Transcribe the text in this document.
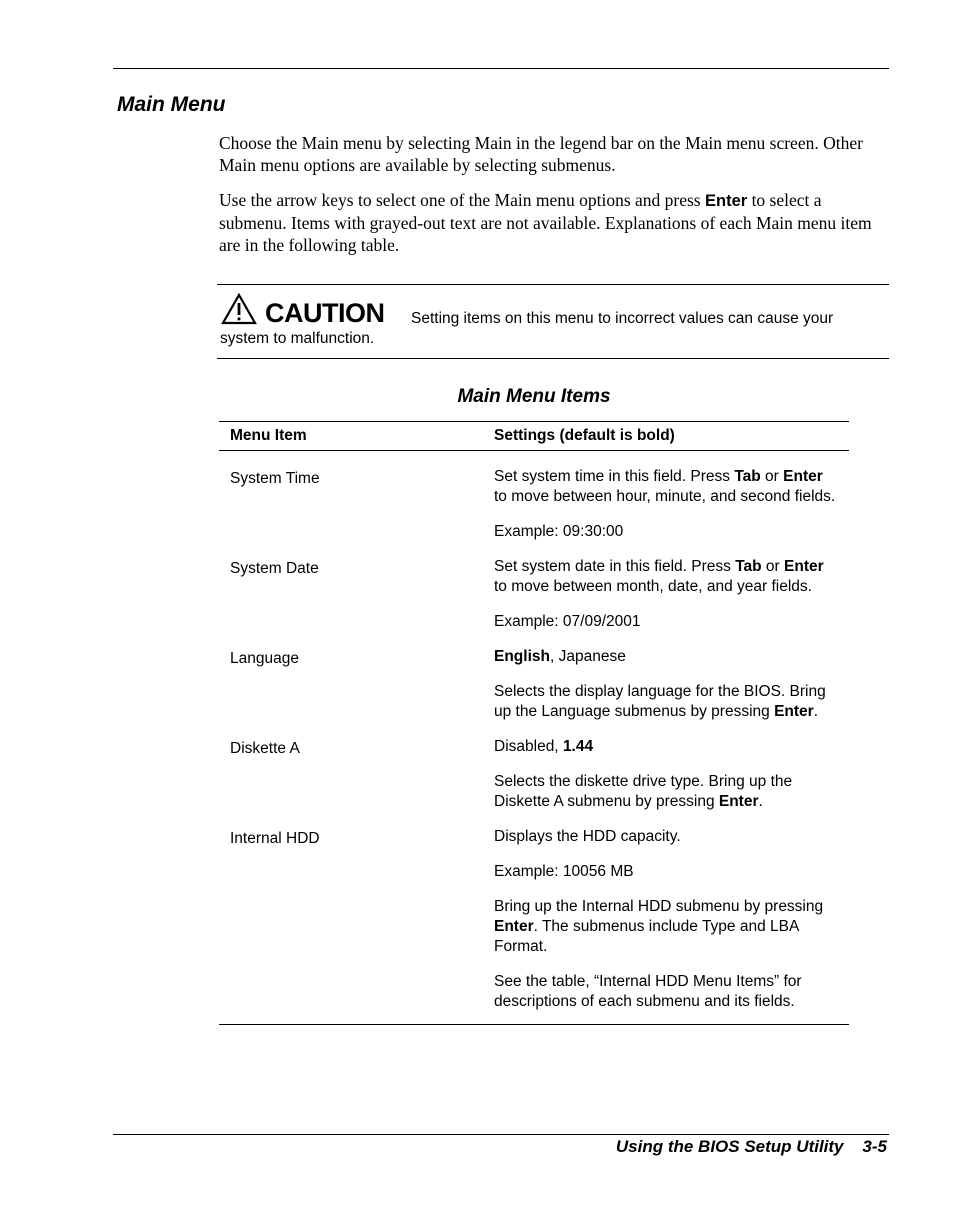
Main Menu

Choose the Main menu by selecting Main in the legend bar on the Main menu screen. Other Main menu options are available by selecting submenus.

Use the arrow keys to select one of the Main menu options and press Enter to select a submenu. Items with grayed-out text are not available. Explanations of each Main menu item are in the following table.

CAUTION	Setting items on this menu to incorrect values can cause your system to malfunction.

Main Menu Items
Menu Item	Settings (default is bold)
System Time	Set system time in this field. Press Tab or Enter to move between hour, minute, and second fields.

Example: 09:30:00

System Date	Set system date in this field. Press Tab or Enter to move between month, date, and year fields.

Example: 07/09/2001

Language	English, Japanese

Selects the display language for the BIOS. Bring up the Language submenus by pressing Enter.

Diskette A	Disabled, 1.44

Selects the diskette drive type. Bring up the Diskette A submenu by pressing Enter.

Internal HDD	Displays the HDD capacity.

Example: 10056 MB

Bring up the Internal HDD submenu by pressing Enter. The submenus include Type and LBA Format.

See the table, “Internal HDD Menu Items” for descriptions of each submenu and its fields.

Using the BIOS Setup Utility 3-5
